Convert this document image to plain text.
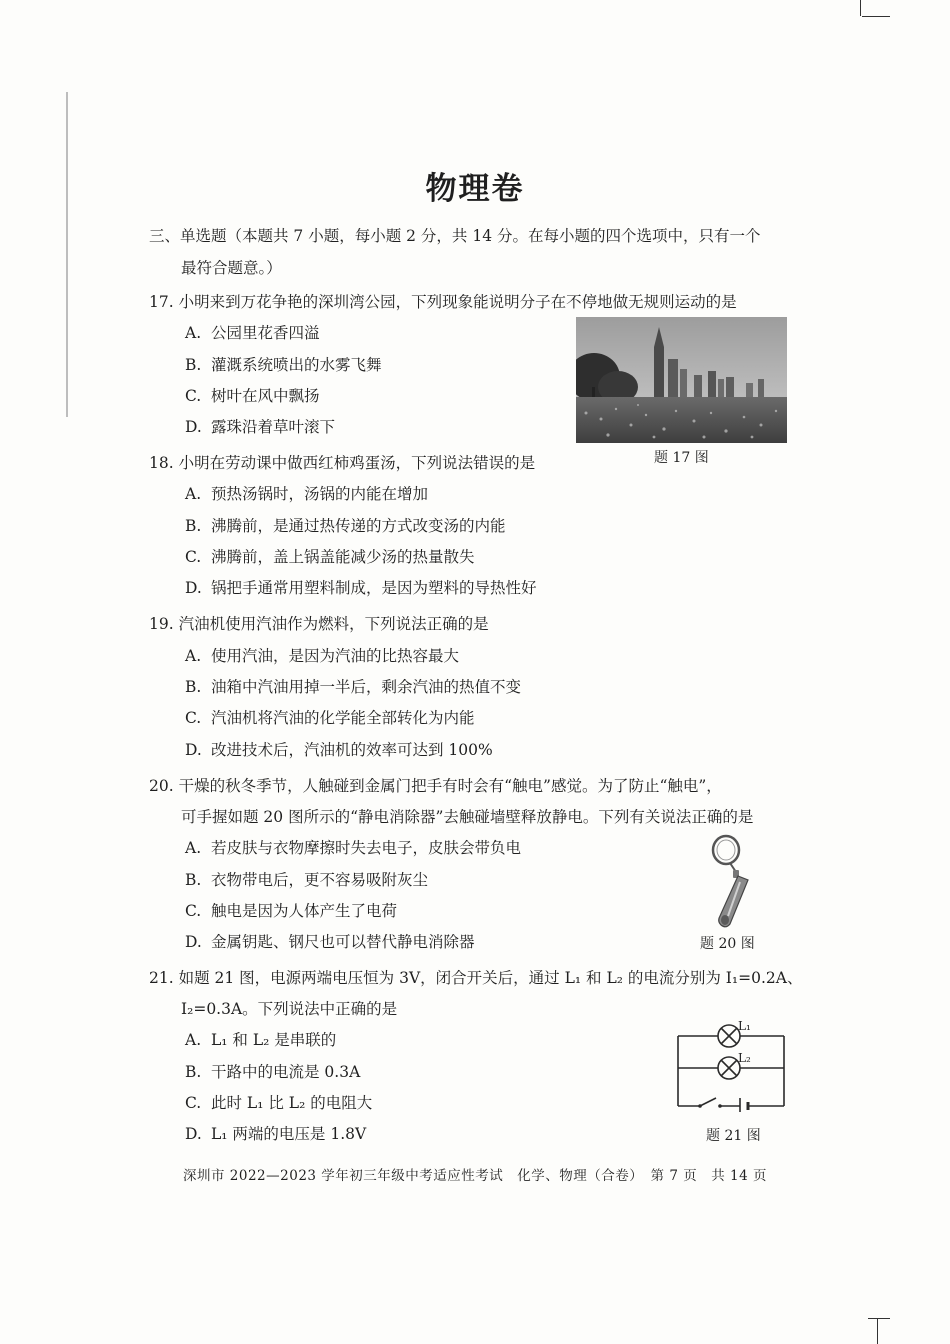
物理卷
三、单选题（本题共 7 小题，每小题 2 分，共 14 分。在每小题的四个选项中，只有一个
最符合题意。）
17. 小明来到万花争艳的深圳湾公园，下列现象能说明分子在不停地做无规则运动的是
A. 公园里花香四溢
B. 灌溉系统喷出的水雾飞舞
C. 树叶在风中飘扬
D. 露珠沿着草叶滚下
题 17 图
18. 小明在劳动课中做西红柿鸡蛋汤，下列说法错误的是
A. 预热汤锅时，汤锅的内能在增加
B. 沸腾前，是通过热传递的方式改变汤的内能
C. 沸腾前，盖上锅盖能减少汤的热量散失
D. 锅把手通常用塑料制成，是因为塑料的导热性好
19. 汽油机使用汽油作为燃料，下列说法正确的是
A. 使用汽油，是因为汽油的比热容最大
B. 油箱中汽油用掉一半后，剩余汽油的热值不变
C. 汽油机将汽油的化学能全部转化为内能
D. 改进技术后，汽油机的效率可达到 100%
20. 干燥的秋冬季节，人触碰到金属门把手有时会有“触电”感觉。为了防止“触电”，
可手握如题 20 图所示的“静电消除器”去触碰墙壁释放静电。下列有关说法正确的是
A. 若皮肤与衣物摩擦时失去电子，皮肤会带负电
B. 衣物带电后，更不容易吸附灰尘
C. 触电是因为人体产生了电荷
D. 金属钥匙、钢尺也可以替代静电消除器	题 20 图
21. 如题 21 图，电源两端电压恒为 3V，闭合开关后，通过 L₁ 和 L₂ 的电流分别为 I₁=0.2A、
I₂=0.3A。下列说法中正确的是
A. L₁ 和 L₂ 是串联的
B. 干路中的电流是 0.3A
C. 此时 L₁ 比 L₂ 的电阻大
D. L₁ 两端的电压是 1.8V
L₁
L₂
题 21 图
深圳市 2022—2023 学年初三年级中考适应性考试　化学、物理（合卷）　第 7 页　共 14 页
